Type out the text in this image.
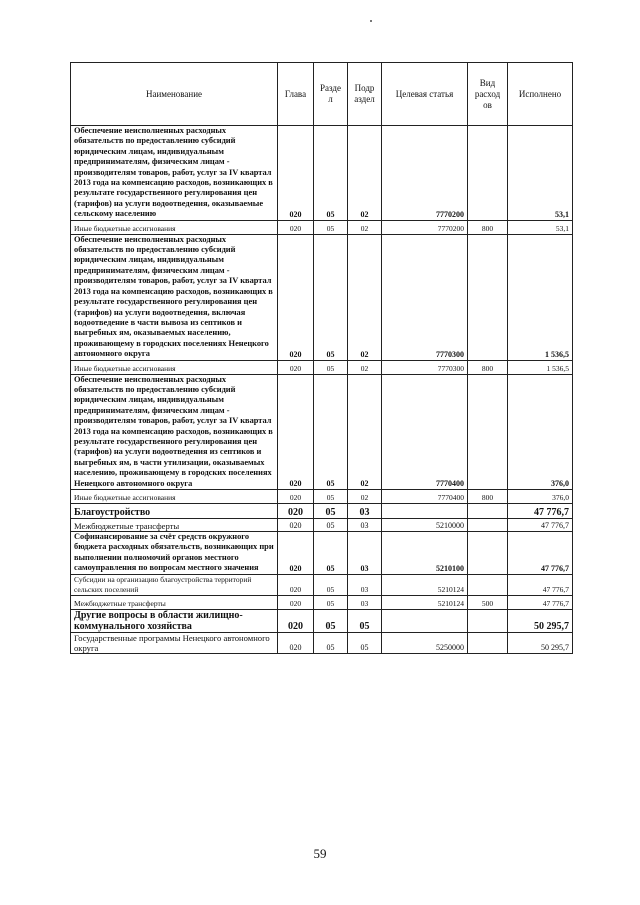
Наименование	Глава	Разде л	Подр аздел	Целевая статья	Вид расход ов	Исполнено
Обеспечение неисполненных расходных обязательств по предоставлению субсидий юридическим лицам, индивидуальным предпринимателям, физическим лицам - производителям товаров, работ, услуг за IV квартал 2013 года на компенсацию расходов, возникающих в результате государственного регулирования цен (тарифов) на услуги водоотведения, оказываемые сельскому населению	020	05	02	7770200		53,1
Иные бюджетные ассигнования	020	05	02	7770200	800	53,1
Обеспечение неисполненных расходных обязательств по предоставлению субсидий юридическим лицам, индивидуальным предпринимателям, физическим лицам - производителям товаров, работ, услуг за IV квартал 2013 года на компенсацию расходов, возникающих в результате государственного регулирования цен (тарифов) на услуги водоотведения, включая водоотведение в части вывоза из септиков и выгребных ям, оказываемых населению, проживающему в городских поселениях Ненецкого автономного округа	020	05	02	7770300		1 536,5
Иные бюджетные ассигнования	020	05	02	7770300	800	1 536,5
Обеспечение неисполненных расходных обязательств по предоставлению субсидий юридическим лицам, индивидуальным предпринимателям, физическим лицам - производителям товаров, работ, услуг за IV квартал 2013 года на компенсацию расходов, возникающих в результате государственного регулирования цен (тарифов) на услуги водоотведения из септиков и выгребных ям, в части утилизации, оказываемых населению, проживающему в городских поселениях Ненецкого автономного округа	020	05	02	7770400		376,0
Иные бюджетные ассигнования	020	05	02	7770400	800	376,0
Благоустройство	020	05	03			47 776,7
Межбюджетные трансферты	020	05	03	5210000		47 776,7
Софинансирование за счёт средств окружного бюджета расходных обязательств, возникающих при выполнении полномочий органов местного самоуправления по вопросам местного значения	020	05	03	5210100		47 776,7
Субсидии на организацию благоустройства территорий сельских поселений	020	05	03	5210124		47 776,7
Межбюджетные трансферты	020	05	03	5210124	500	47 776,7
Другие вопросы в области жилищно-коммунального хозяйства	020	05	05			50 295,7
Государственные программы Ненецкого автономного округа	020	05	05	5250000		50 295,7
59
